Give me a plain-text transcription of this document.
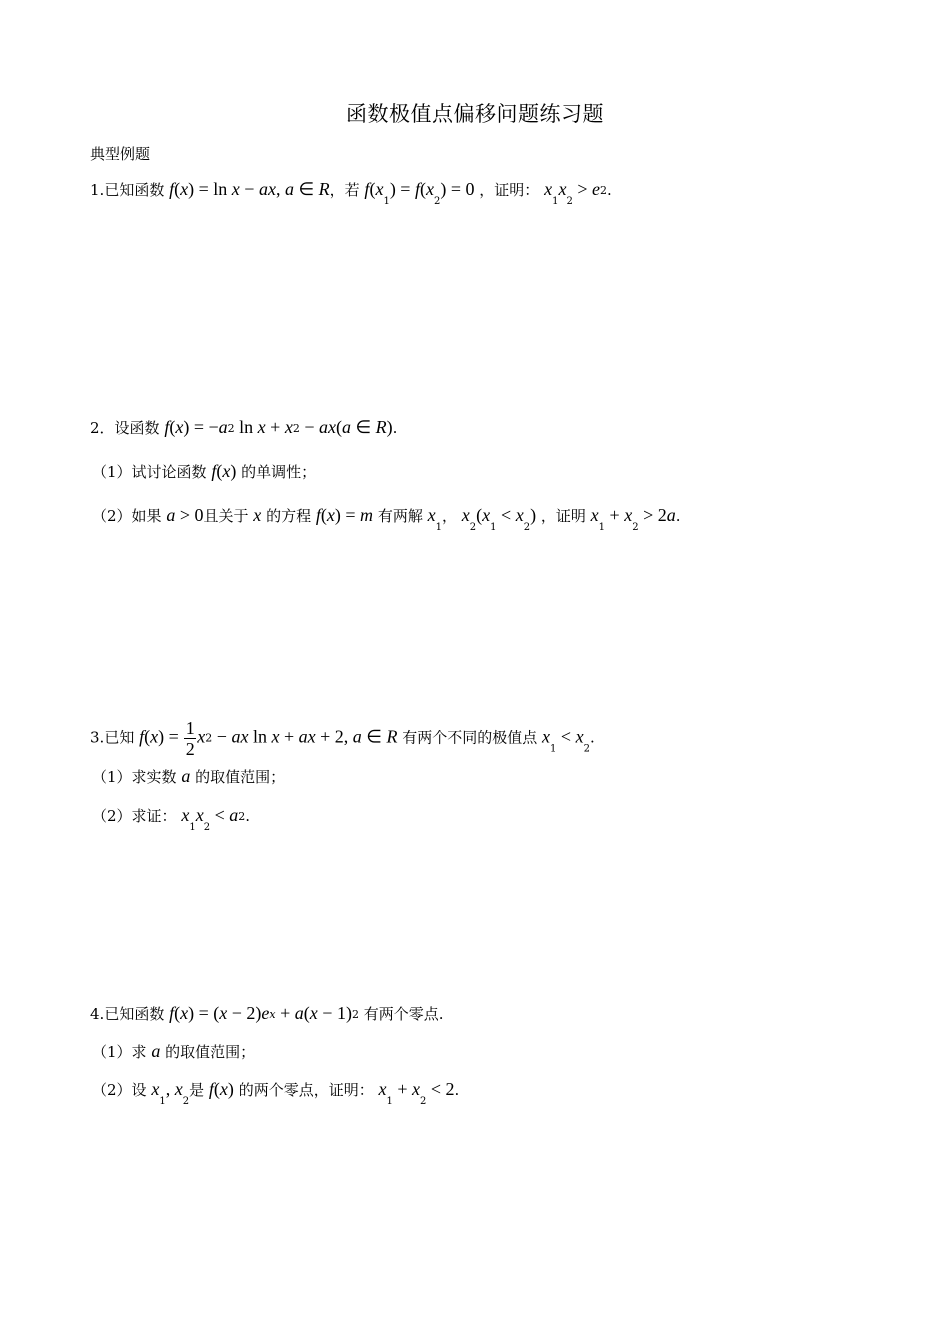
函数极值点偏移问题练习题
典型例题
1.已知函数 f(x) = ln x − ax, a ∈ R，若 $f(x_1) = f(x_2) = 0$ ，证明： $x_1x_2 > e^2$.
2．设函数 $f(x) = -a^2$ $\ln x + x^2 - ax(a$ ∈ R).
（1）试讨论函数 f(x) 的单调性；
（2）如果 a > 0且关于 x 的方程 f(x) = m 有两解 $x_1$， $x_2(x_1 < x_2)$ ，证明 $x_1 + x_2 > 2a$.
3.已知 $f(x) = \frac{1}{2} x^2$ − ax ln x + ax + 2, a ∈ R 有两个不同的极值点 $x_1 < x_2$.
（1）求实数 a 的取值范围；
（2）求证： $x_1x_2 < a^2$.
4.已知函数 $f(x) = (x - 2)e^x + a(x - 1)^2$ 有两个零点.
（1）求 a 的取值范围；
（2）设 $x_1$, $x_2$是 f(x) 的两个零点，证明： $x_1 + x_2 < 2$.
